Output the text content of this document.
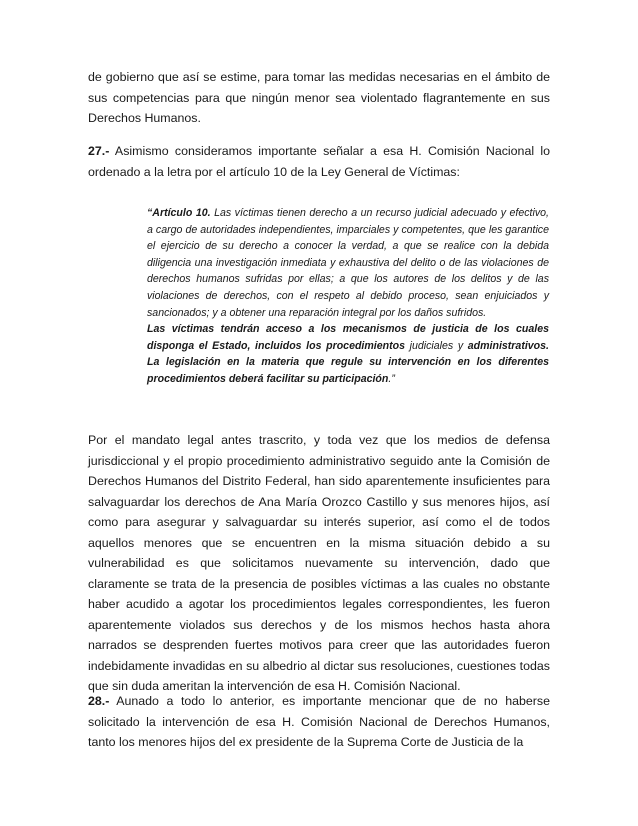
de gobierno que así se estime, para tomar las medidas necesarias en el ámbito de sus competencias para que ningún menor sea violentado flagrantemente en sus Derechos Humanos.

27.- Asimismo consideramos importante señalar a esa H. Comisión Nacional lo ordenado a la letra por el artículo 10 de la Ley General de Víctimas:

“Artículo 10. Las víctimas tienen derecho a un recurso judicial adecuado y efectivo, a cargo de autoridades independientes, imparciales y competentes, que les garantice el ejercicio de su derecho a conocer la verdad, a que se realice con la debida diligencia una investigación inmediata y exhaustiva del delito o de las violaciones de derechos humanos sufridas por ellas; a que los autores de los delitos y de las violaciones de derechos, con el respeto al debido proceso, sean enjuiciados y sancionados; y a obtener una reparación integral por los daños sufridos.
Las víctimas tendrán acceso a los mecanismos de justicia de los cuales disponga el Estado, incluidos los procedimientos judiciales y administrativos. La legislación en la materia que regule su intervención en los diferentes procedimientos deberá facilitar su participación.”

Por el mandato legal antes trascrito, y toda vez que los medios de defensa jurisdiccional y el propio procedimiento administrativo seguido ante la Comisión de Derechos Humanos del Distrito Federal, han sido aparentemente insuficientes para salvaguardar los derechos de Ana María Orozco Castillo y sus menores hijos, así como para asegurar y salvaguardar su interés superior, así como el de todos aquellos menores que se encuentren en la misma situación debido a su vulnerabilidad es que solicitamos nuevamente su intervención, dado que claramente se trata de la presencia de posibles víctimas a las cuales no obstante haber acudido a agotar los procedimientos legales correspondientes, les fueron aparentemente violados sus derechos y de los mismos hechos hasta ahora narrados se desprenden fuertes motivos para creer que las autoridades fueron indebidamente invadidas en su albedrio al dictar sus resoluciones, cuestiones todas que sin duda ameritan la intervención de esa H. Comisión Nacional.

28.- Aunado a todo lo anterior, es importante mencionar que de no haberse solicitado la intervención de esa H. Comisión Nacional de Derechos Humanos, tanto los menores hijos del ex presidente de la Suprema Corte de Justicia de la
